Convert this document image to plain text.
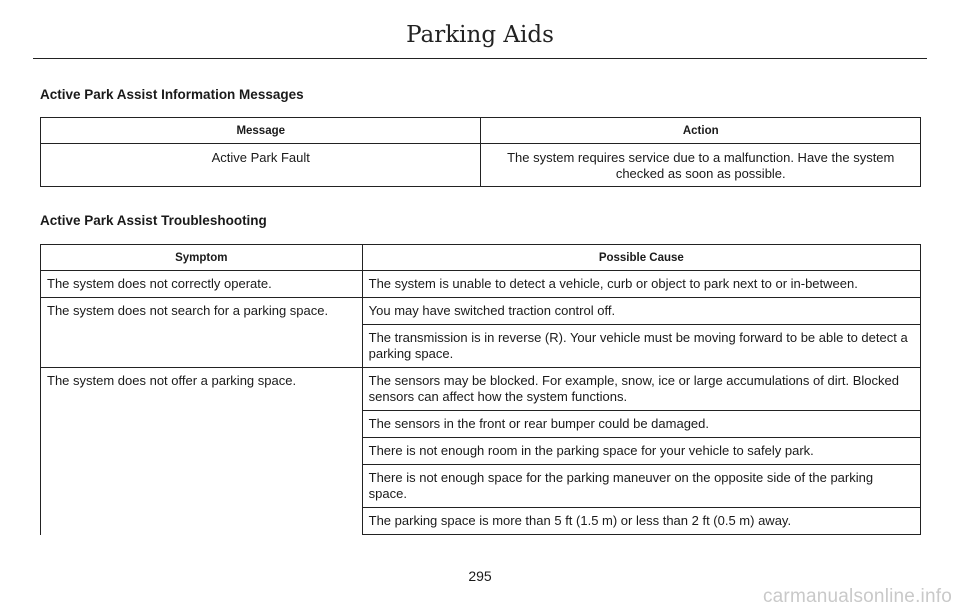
Parking Aids
Active Park Assist Information Messages
Message	Action
Active Park Fault	The system requires service due to a malfunction. Have the system checked as soon as possible.
Active Park Assist Troubleshooting
Symptom	Possible Cause
The system does not correctly operate.	The system is unable to detect a vehicle, curb or object to park next to or in-between.
The system does not search for a parking space.	You may have switched traction control off.
	The transmission is in reverse (R). Your vehicle must be moving forward to be able to detect a parking space.
The system does not offer a parking space.	The sensors may be blocked. For example, snow, ice or large accumulations of dirt. Blocked sensors can affect how the system functions.
	The sensors in the front or rear bumper could be damaged.
	There is not enough room in the parking space for your vehicle to safely park.
	There is not enough space for the parking maneuver on the opposite side of the parking space.
	The parking space is more than 5 ft (1.5 m) or less than 2 ft (0.5 m) away.
295
carmanualsonline.info
